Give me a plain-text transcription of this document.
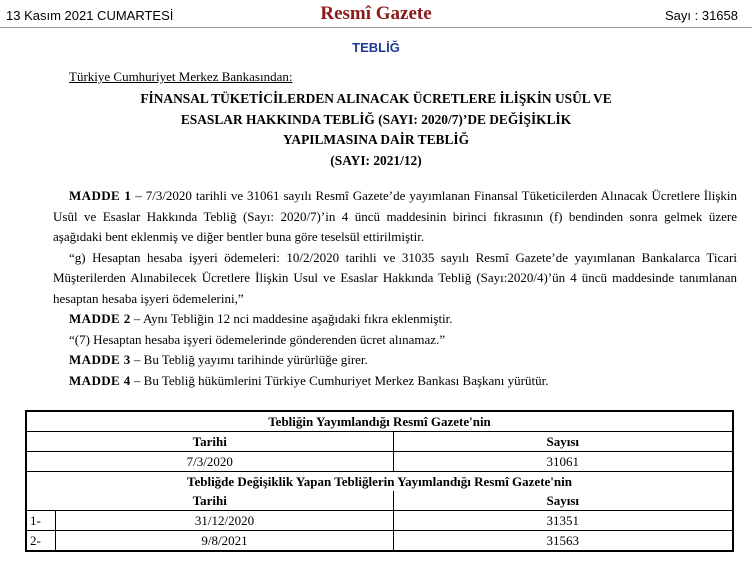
13 Kasım 2021 CUMARTESİ	Resmî Gazete	Sayı : 31658
TEBLİĞ
Türkiye Cumhuriyet Merkez Bankasından:
FİNANSAL TÜKETİCİLERDEN ALINACAK ÜCRETLERE İLİŞKİN USÛL VE
ESASLAR HAKKINDA TEBLİĞ (SAYI: 2020/7)’DE DEĞİŞİKLİK
YAPILMASINA DAİR TEBLİĞ
(SAYI: 2021/12)

MADDE 1 – 7/3/2020 tarihli ve 31061 sayılı Resmî Gazete’de yayımlanan Finansal Tüketicilerden Alınacak Ücretlere İlişkin Usûl ve Esaslar Hakkında Tebliğ (Sayı: 2020/7)’in 4 üncü maddesinin birinci fıkrasının (f) bendinden sonra gelmek üzere aşağıdaki bent eklenmiş ve diğer bentler buna göre teselsül ettirilmiştir.

“g) Hesaptan hesaba işyeri ödemeleri: 10/2/2020 tarihli ve 31035 sayılı Resmî Gazete’de yayımlanan Bankalarca Ticari Müşterilerden Alınabilecek Ücretlere İlişkin Usul ve Esaslar Hakkında Tebliğ (Sayı:2020/4)’ün 4 üncü maddesinde tanımlanan hesaptan hesaba işyeri ödemelerini,”

MADDE 2 – Aynı Tebliğin 12 nci maddesine aşağıdaki fıkra eklenmiştir.

“(7) Hesaptan hesaba işyeri ödemelerinde gönderenden ücret alınamaz.”

MADDE 3 – Bu Tebliğ yayımı tarihinde yürürlüğe girer.

MADDE 4 – Bu Tebliğ hükümlerini Türkiye Cumhuriyet Merkez Bankası Başkanı yürütür.

Tebliğin Yayımlandığı Resmî Gazete'nin		
Tarihi		Sayısı
7/3/2020		31061
Tebliğde Değişiklik Yapan Tebliğlerin Yayımlandığı Resmî Gazete'nin		
Tarihi		Sayısı
1-	31/12/2020	31351
2-	9/8/2021	31563
